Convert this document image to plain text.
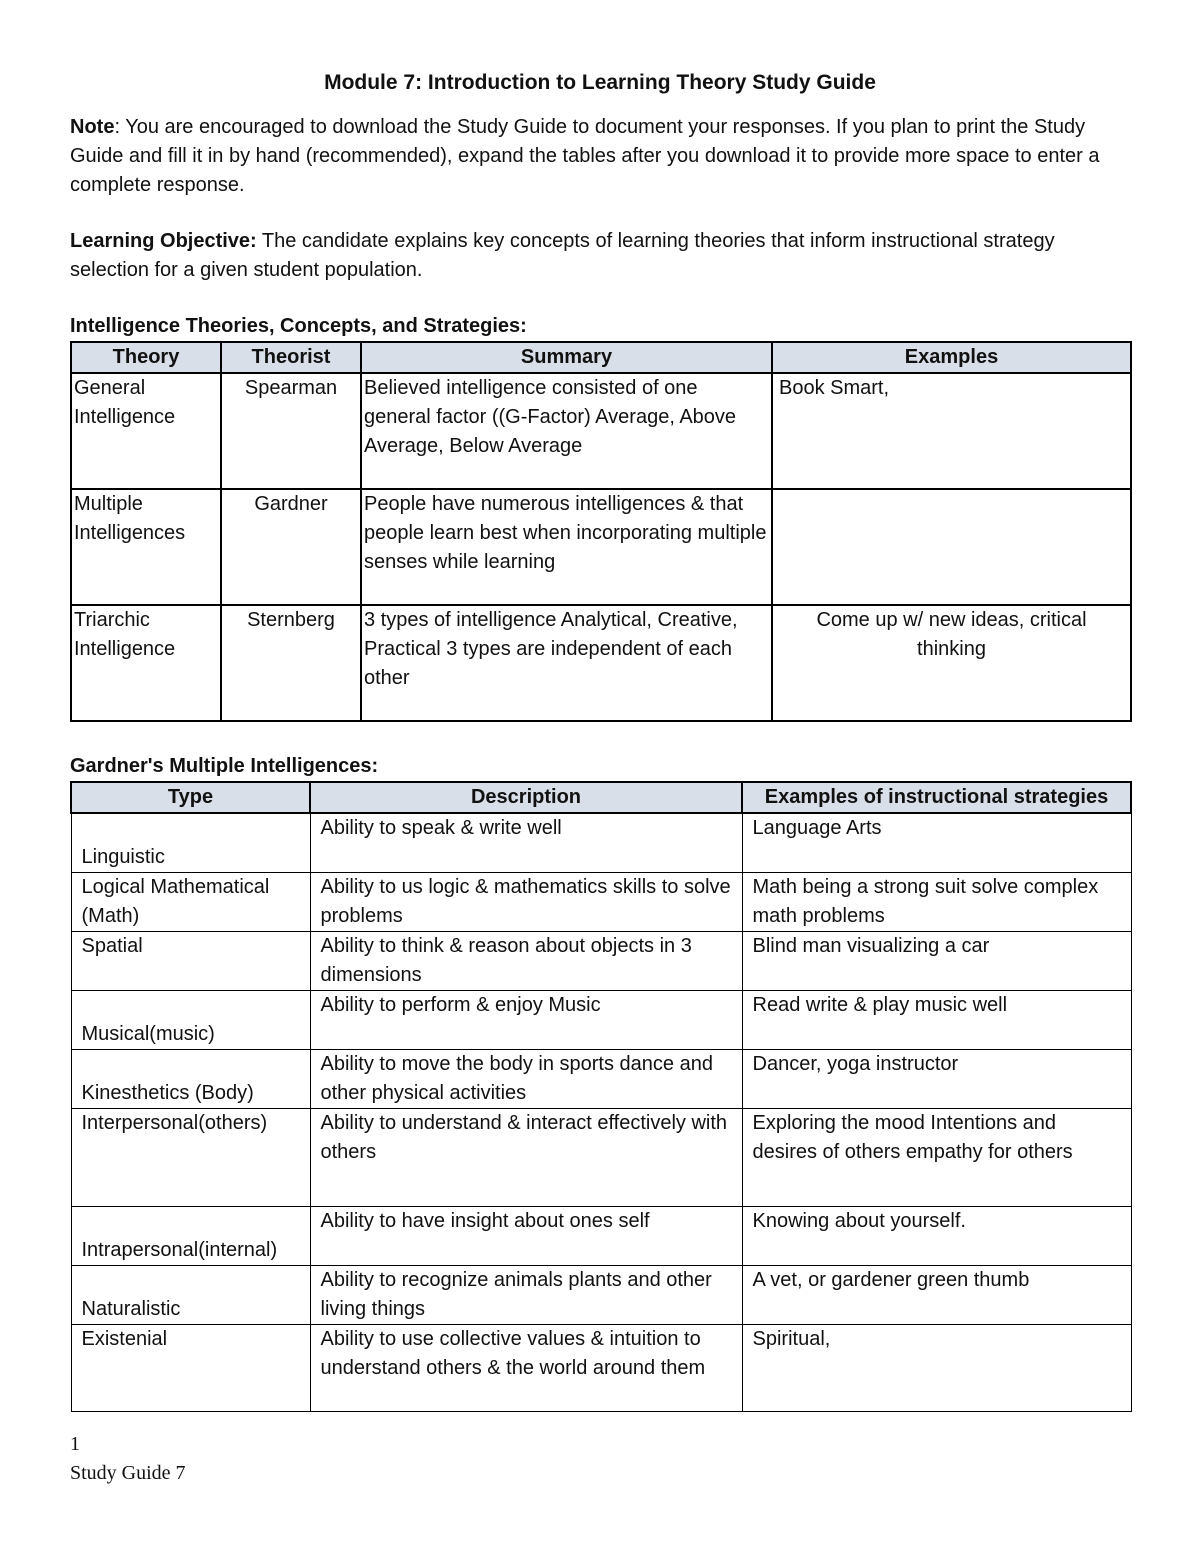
Module 7: Introduction to Learning Theory Study Guide

Note: You are encouraged to download the Study Guide to document your responses. If you plan to print the Study Guide and fill it in by hand (recommended), expand the tables after you download it to provide more space to enter a complete response.

Learning Objective: The candidate explains key concepts of learning theories that inform instructional strategy selection for a given student population.

Intelligence Theories, Concepts, and Strategies:

Theory	Theorist	Summary	Examples
General Intelligence	Spearman	Believed intelligence consisted of one general factor ((G-Factor) Average, Above Average, Below Average	Book Smart,
Multiple Intelligences	Gardner	People have numerous intelligences & that people learn best when incorporating multiple senses while learning	
Triarchic Intelligence	Sternberg	3 types of intelligence Analytical, Creative, Practical 3 types are independent of each other	Come up w/ new ideas, critical thinking

Gardner's Multiple Intelligences:

Type	Description	Examples of instructional strategies
Linguistic	Ability to speak & write well	Language Arts
Logical Mathematical (Math)	Ability to us logic & mathematics skills to solve problems	Math being a strong suit solve complex math problems
Spatial	Ability to think & reason about objects in 3 dimensions	Blind man visualizing a car
Musical(music)	Ability to perform & enjoy Music	Read write & play music well
Kinesthetics (Body)	Ability to move the body in sports dance and other physical activities	Dancer, yoga instructor
Interpersonal(others)	Ability to understand & interact effectively with others	Exploring the mood Intentions and desires of others empathy for others
Intrapersonal(internal)	Ability to have insight about ones self	Knowing about yourself.
Naturalistic	Ability to recognize animals plants and other living things	A vet, or gardener green thumb
Existenial	Ability to use collective values & intuition to understand others & the world around them	Spiritual,
1
Study Guide 7
